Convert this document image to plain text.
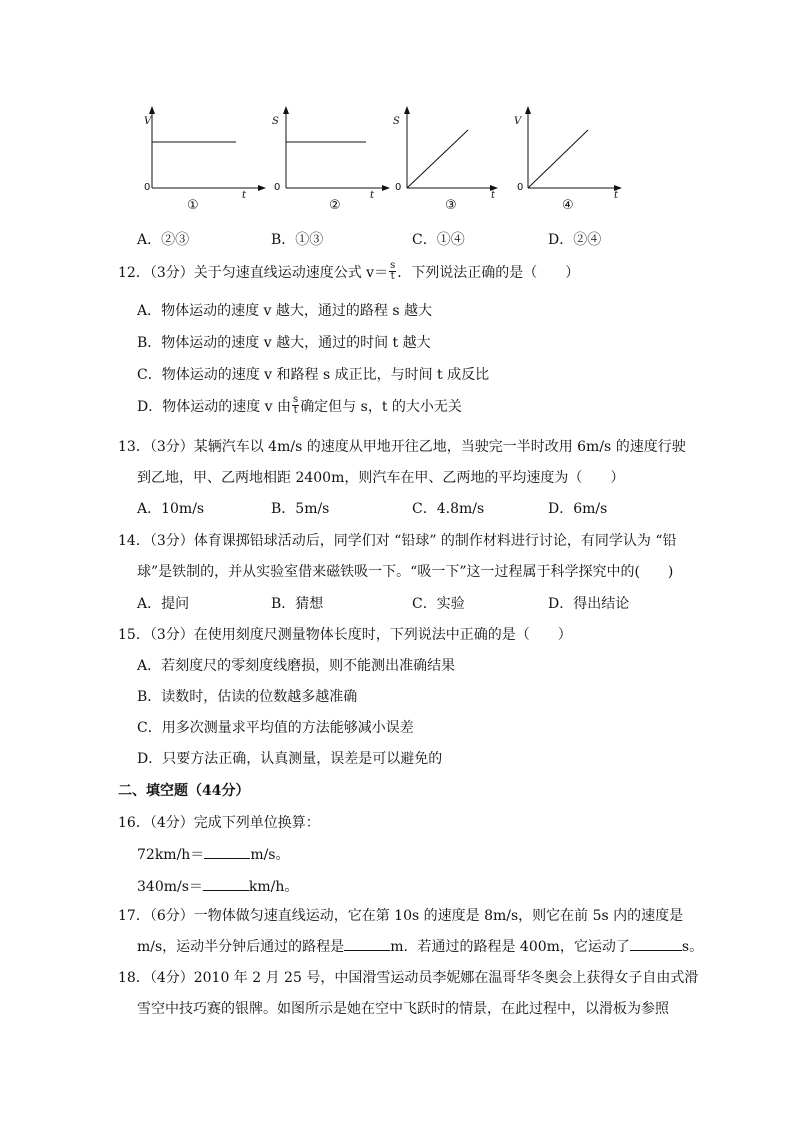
V
t
0
①
S
t
0
②
S
t
0
③
V
t
0
④
A．②③	B．①③	C．①④	D．②④
12．（3分）关于匀速直线运动速度公式 $v= \frac{s}{t}$ ．下列说法正确的是（　　）
A．物体运动的速度 v 越大，通过的路程 s 越大
B．物体运动的速度 v 越大，通过的时间 t 越大
C．物体运动的速度 v 和路程 s 成正比，与时间 t 成反比
D．物体运动的速度 v 由 $\frac{s}{t}$ 确定但与 s，t 的大小无关
13．（3分）某辆汽车以 4m/s 的速度从甲地开往乙地，当驶完一半时改用 6m/s 的速度行驶
到乙地，甲、乙两地相距 2400m，则汽车在甲、乙两地的平均速度为（　　）
A．10m/s	B．5m/s	C．4.8m/s	D．6m/s
14．（3分）体育课掷铅球活动后，同学们对 “铅球” 的制作材料进行讨论，有同学认为 “铅
球”是铁制的，并从实验室借来磁铁吸一下。“吸一下”这一过程属于科学探究中的(　　)
A．提问	B．猜想	C．实验	D．得出结论
15．（3分）在使用刻度尺测量物体长度时，下列说法中正确的是（　　）
A．若刻度尺的零刻度线磨损，则不能测出准确结果
B．读数时，估读的位数越多越准确
C．用多次测量求平均值的方法能够减小误差
D．只要方法正确，认真测量，误差是可以避免的
二、填空题（44分）
16．（4分）完成下列单位换算：
72km/h＝	m/s。
340m/s＝	km/h。
17．（6分）一物体做匀速直线运动，它在第 10s 的速度是 8m/s，则它在前 5s 内的速度是
m/s，运动半分钟后通过的路程是	m．若通过的路程是 400m，它运动了	s。
18．（4分）2010 年 2 月 25 号，中国滑雪运动员李妮娜在温哥华冬奥会上获得女子自由式滑
雪空中技巧赛的银牌。如图所示是她在空中飞跃时的情景，在此过程中，以滑板为参照
